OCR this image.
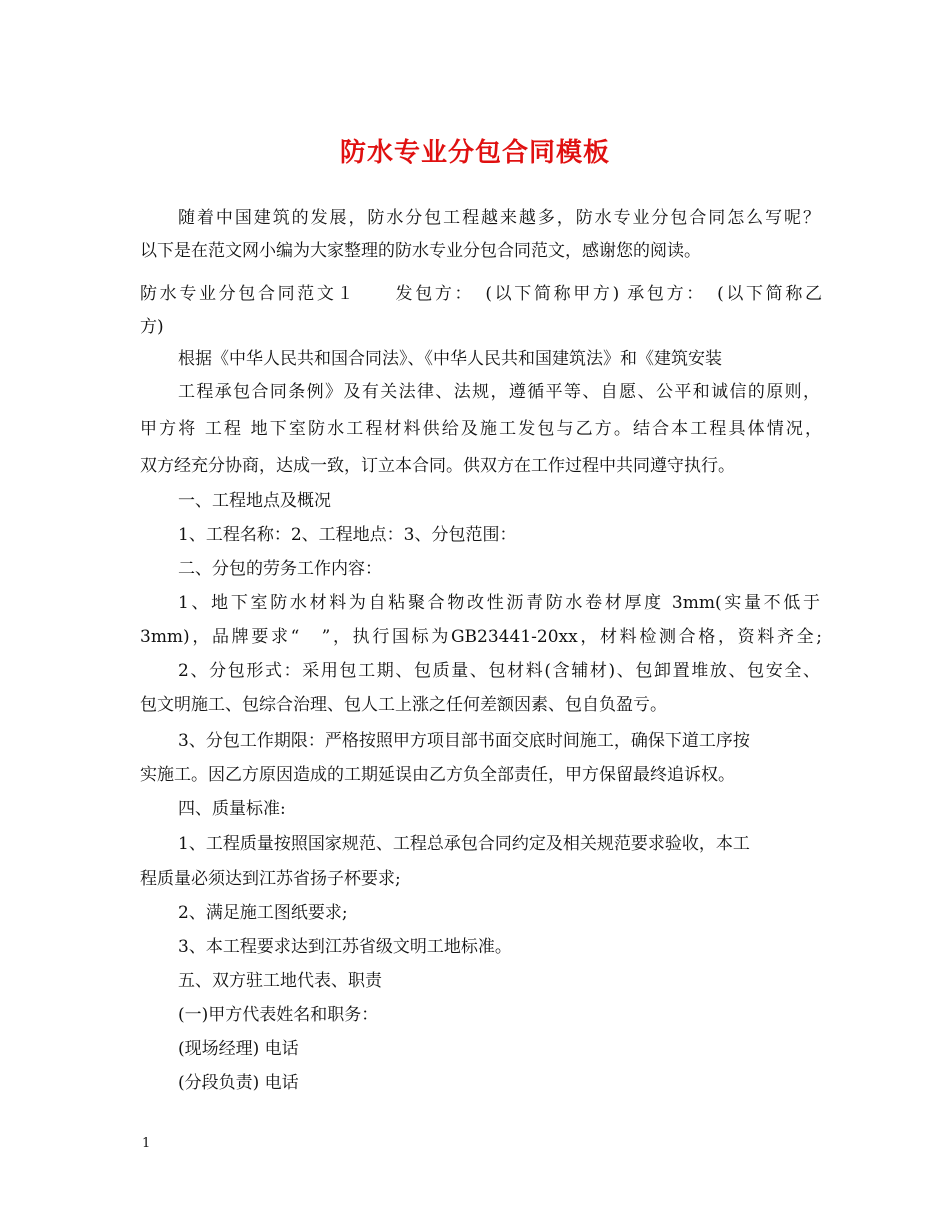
防水专业分包合同模板
随着中国建筑的发展，防水分包工程越来越多，防水专业分包合同怎么写呢？
以下是在范文网小编为大家整理的防水专业分包合同范文，感谢您的阅读。
防水专业分包合同范文１　　发包方：　(以下简称甲方) 承包方：　(以下简称乙
方)
根据《中华人民共和国合同法》、《中华人民共和国建筑法》和《建筑安装
工程承包合同条例》及有关法律、法规，遵循平等、自愿、公平和诚信的原则，
甲方将 工程 地下室防水工程材料供给及施工发包与乙方。结合本工程具体情况，
双方经充分协商，达成一致，订立本合同。供双方在工作过程中共同遵守执行。
一、工程地点及概况
1、工程名称：2、工程地点：3、分包范围：
二、分包的劳务工作内容：
1、地下室防水材料为自粘聚合物改性沥青防水卷材厚度 3mm(实量不低于
3mm)，品牌要求“　”，执行国标为GB23441-20xx，材料检测合格，资料齐全;
2、分包形式：采用包工期、包质量、包材料(含辅材)、包卸置堆放、包安全、
包文明施工、包综合治理、包人工上涨之任何差额因素、包自负盈亏。
3、分包工作期限：严格按照甲方项目部书面交底时间施工，确保下道工序按
实施工。因乙方原因造成的工期延误由乙方负全部责任，甲方保留最终追诉权。
四、质量标准:
1、工程质量按照国家规范、工程总承包合同约定及相关规范要求验收，本工
程质量必须达到江苏省扬子杯要求;
2、满足施工图纸要求;
3、本工程要求达到江苏省级文明工地标准。
五、双方驻工地代表、职责
(一)甲方代表姓名和职务：
(现场经理) 电话
(分段负责) 电话
1
